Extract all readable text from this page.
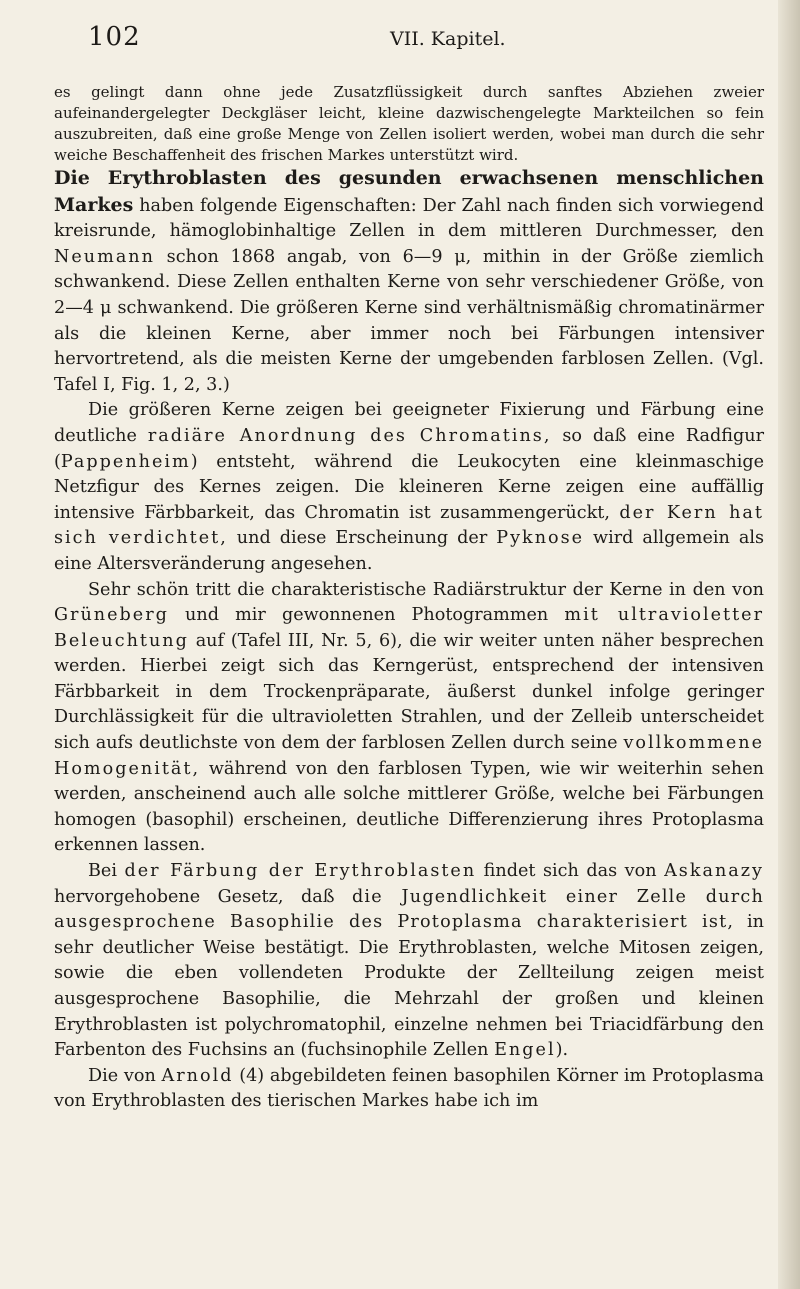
102	VII. Kapitel.

es gelingt dann ohne jede Zusatzflüssigkeit durch sanftes Abziehen zweier aufeinandergelegter Deckgläser leicht, kleine dazwischengelegte Markteilchen so fein auszubreiten, daß eine große Menge von Zellen isoliert werden, wobei man durch die sehr weiche Beschaffenheit des frischen Markes unterstützt wird.

Die Erythroblasten des gesunden erwachsenen menschlichen Markes haben folgende Eigenschaften: Der Zahl nach finden sich vorwiegend kreisrunde, hämoglobinhaltige Zellen in dem mittleren Durchmesser, den Neumann schon 1868 angab, von 6—9 μ, mithin in der Größe ziemlich schwankend. Diese Zellen enthalten Kerne von sehr verschiedener Größe, von 2—4 μ schwankend. Die größeren Kerne sind verhältnismäßig chromatinärmer als die kleinen Kerne, aber immer noch bei Färbungen intensiver hervortretend, als die meisten Kerne der umgebenden farblosen Zellen. (Vgl. Tafel I, Fig. 1, 2, 3.)

Die größeren Kerne zeigen bei geeigneter Fixierung und Färbung eine deutliche radiäre Anordnung des Chromatins, so daß eine Radfigur (Pappenheim) entsteht, während die Leukocyten eine kleinmaschige Netzfigur des Kernes zeigen. Die kleineren Kerne zeigen eine auffällig intensive Färbbarkeit, das Chromatin ist zusammengerückt, der Kern hat sich verdichtet, und diese Erscheinung der Pyknose wird allgemein als eine Altersveränderung angesehen.

Sehr schön tritt die charakteristische Radiärstruktur der Kerne in den von Grüneberg und mir gewonnenen Photogrammen mit ultravioletter Beleuchtung auf (Tafel III, Nr. 5, 6), die wir weiter unten näher besprechen werden. Hierbei zeigt sich das Kerngerüst, entsprechend der intensiven Färbbarkeit in dem Trockenpräparate, äußerst dunkel infolge geringer Durchlässigkeit für die ultravioletten Strahlen, und der Zelleib unterscheidet sich aufs deutlichste von dem der farblosen Zellen durch seine vollkommene Homogenität, während von den farblosen Typen, wie wir weiterhin sehen werden, anscheinend auch alle solche mittlerer Größe, welche bei Färbungen homogen (basophil) erscheinen, deutliche Differenzierung ihres Protoplasma erkennen lassen.

Bei der Färbung der Erythroblasten findet sich das von Askanazy hervorgehobene Gesetz, daß die Jugendlichkeit einer Zelle durch ausgesprochene Basophilie des Protoplasma charakterisiert ist, in sehr deutlicher Weise bestätigt. Die Erythroblasten, welche Mitosen zeigen, sowie die eben vollendeten Produkte der Zellteilung zeigen meist ausgesprochene Basophilie, die Mehrzahl der großen und kleinen Erythroblasten ist polychromatophil, einzelne nehmen bei Triacidfärbung den Farbenton des Fuchsins an (fuchsinophile Zellen Engel).

Die von Arnold (4) abgebildeten feinen basophilen Körner im Protoplasma von Erythroblasten des tierischen Markes habe ich im
